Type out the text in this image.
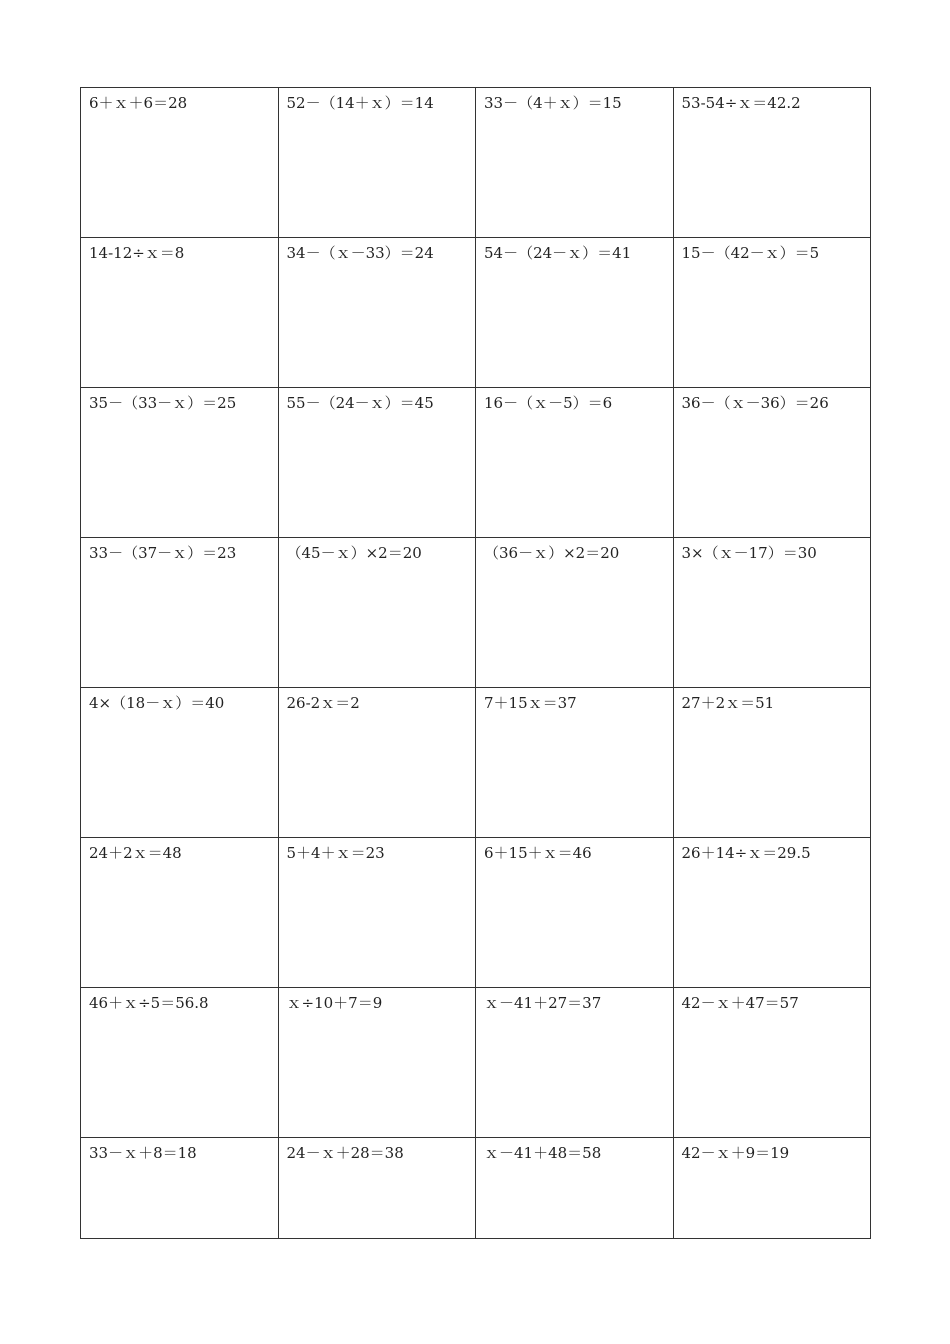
6＋ｘ＋6＝28	52－（14＋ｘ）＝14	33－（4＋ｘ）＝15	53-54÷ｘ＝42.2

14-12÷ｘ＝8	34－（ｘ－33）＝24	54－（24－ｘ）＝41	15－（42－ｘ）＝5

35－（33－ｘ）＝25	55－（24－ｘ）＝45	16－（ｘ－5）＝6	36－（ｘ－36）＝26

33－（37－ｘ）＝23	（45－ｘ）×2＝20	（36－ｘ）×2＝20	3×（ｘ－17）＝30

4×（18－ｘ）＝40	26-2ｘ＝2	7＋15ｘ＝37	27＋2ｘ＝51

24＋2ｘ＝48	5＋4＋ｘ＝23	6＋15＋ｘ＝46	26＋14÷ｘ＝29.5

46＋ｘ÷5＝56.8	ｘ÷10＋7＝9	ｘ－41＋27＝37	42－ｘ＋47＝57

33－ｘ＋8＝18	24－ｘ＋28＝38	ｘ－41＋48＝58	42－ｘ＋9＝19
